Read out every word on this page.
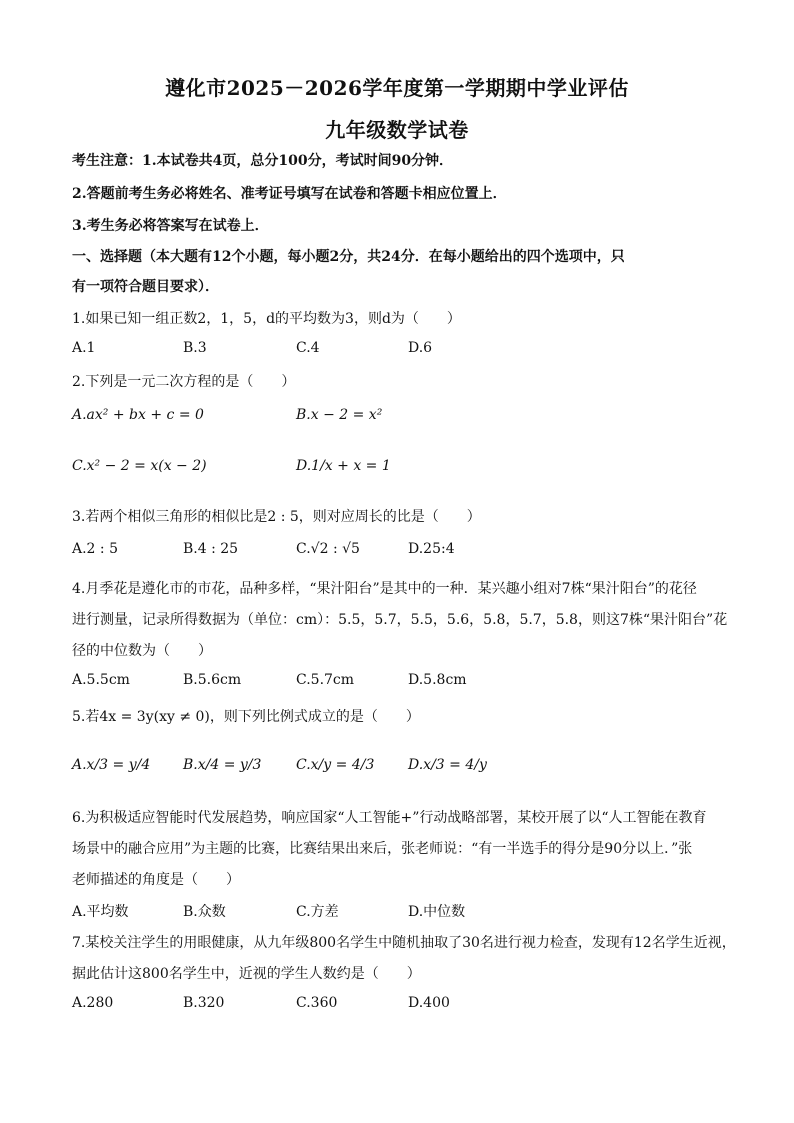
遵化市2025－2026学年度第一学期期中学业评估
九年级数学试卷
考生注意：1.本试卷共4页，总分100分，考试时间90分钟．
2.答题前考生务必将姓名、准考证号填写在试卷和答题卡相应位置上．
3.考生务必将答案写在试卷上．
一、选择题（本大题有12个小题，每小题2分，共24分．在每小题给出的四个选项中，只
有一项符合题目要求）．
1.如果已知一组正数2，1，5，d的平均数为3，则d为（　　）
A.1	B.3	C.4	D.6
2.下列是一元二次方程的是（　　）
A.ax² + bx + c = 0	B.x − 2 = x²
C.x² − 2 = x(x − 2)	D.1/x + x = 1
3.若两个相似三角形的相似比是2 : 5，则对应周长的比是（　　）
A.2 : 5	B.4 : 25	C.√2 : √5	D.25:4
4.月季花是遵化市的市花，品种多样，“果汁阳台”是其中的一种．某兴趣小组对7株“果汁阳台”的花径
进行测量，记录所得数据为（单位：cm）：5.5，5.7，5.5，5.6，5.8，5.7，5.8，则这7株“果汁阳台”花
径的中位数为（　　）
A.5.5cm	B.5.6cm	C.5.7cm	D.5.8cm
5.若4x = 3y(xy ≠ 0)，则下列比例式成立的是（　　）
A.x/3 = y/4 B.x/4 = y/3 C.x/y = 4/3 D.x/3 = 4/y
6.为积极适应智能时代发展趋势，响应国家“人工智能+”行动战略部署，某校开展了以“人工智能在教育
场景中的融合应用”为主题的比赛，比赛结果出来后，张老师说：“有一半选手的得分是90分以上．”张
老师描述的角度是（　　）
A.平均数	B.众数	C.方差	D.中位数
7.某校关注学生的用眼健康，从九年级800名学生中随机抽取了30名进行视力检查，发现有12名学生近视，
据此估计这800名学生中，近视的学生人数约是（　　）
A.280	B.320	C.360	D.400
